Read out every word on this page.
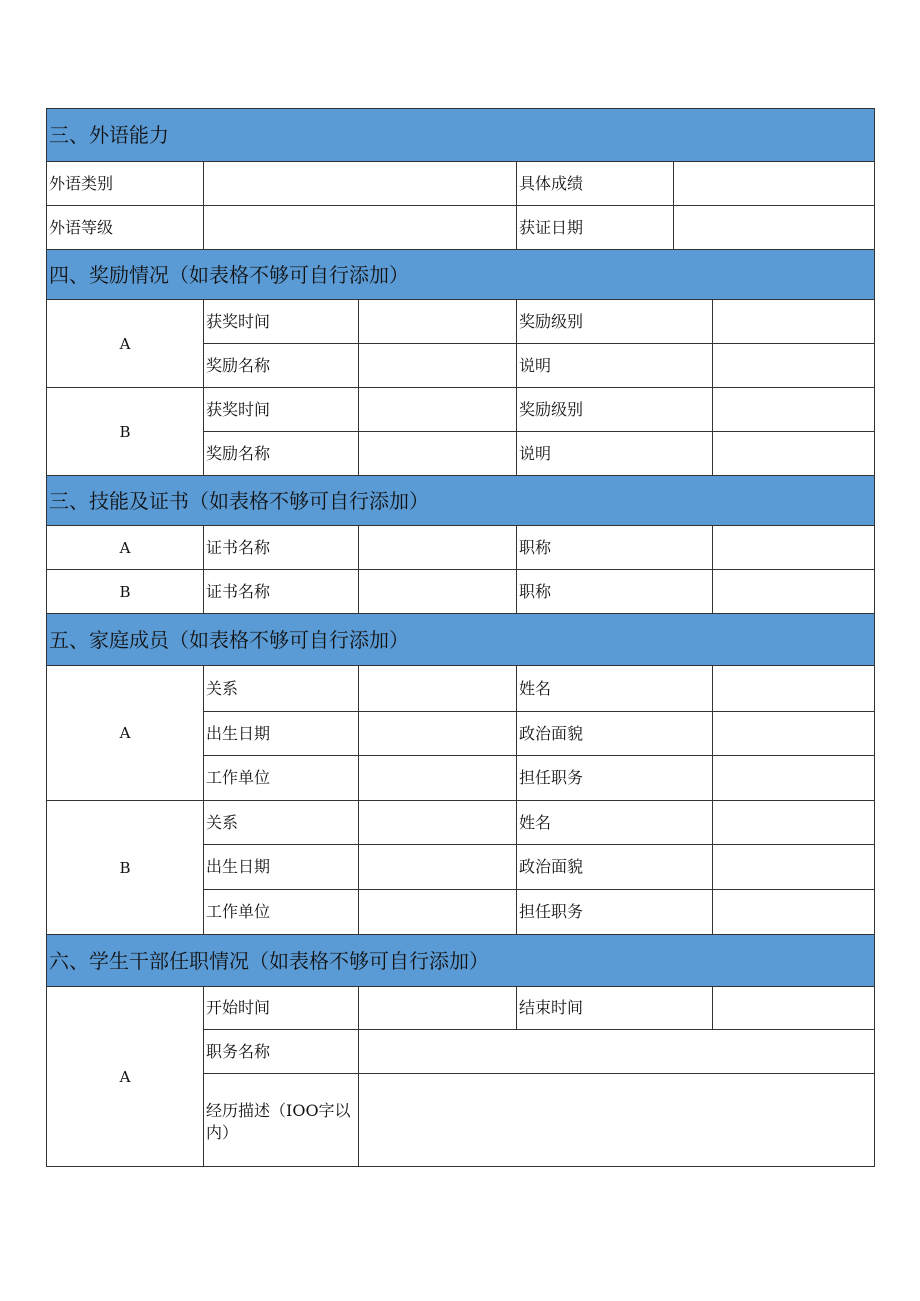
三、外语能力
外语类别			具体成绩	

外语等级			获证日期	

四、奖励情况（如表格不够可自行添加）
A	获奖时间		奖励级别	
奖励名称		说明	
B	获奖时间		奖励级别	
奖励名称		说明	
三、技能及证书（如表格不够可自行添加）
A	证书名称		职称	
B	证书名称		职称	
五、家庭成员（如表格不够可自行添加）
A	关系		姓名	
出生日期		政治面貌	
工作单位		担任职务	
B	关系		姓名	
出生日期		政治面貌	
工作单位		担任职务	
六、学生干部任职情况（如表格不够可自行添加）
A	开始时间		结束时间	
职务名称	
经历描述（IOO字以内）	
